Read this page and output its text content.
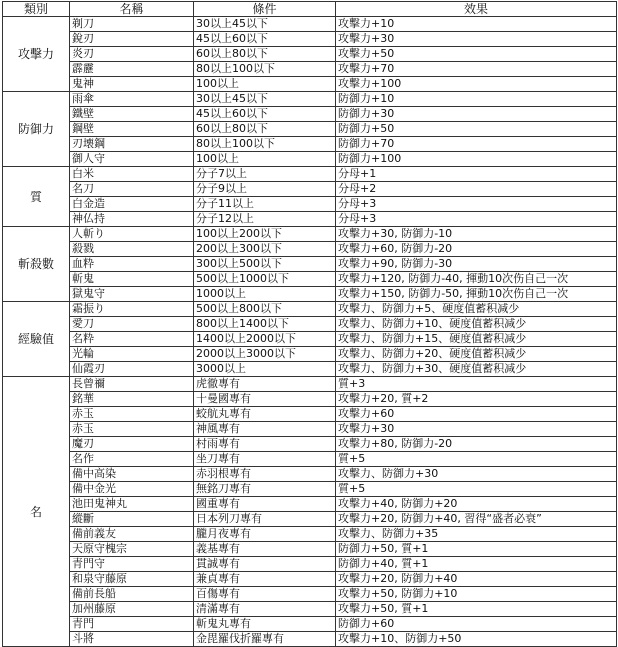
類別	名稱	條件	效果
攻擊力	剃刀	30以上45以下	攻擊力+10
	銳刃	45以上60以下	攻擊力+30
	炎刃	60以上80以下	攻擊力+50
	霹靂	80以上100以下	攻擊力+70
	鬼神	100以上	攻擊力+100
防御力	雨傘	30以上45以下	防御力+10
	鐵壁	45以上60以下	防御力+30
	鋼壁	60以上80以下	防御力+50
	刃壊鋼	80以上100以下	防御力+70
	御人守	100以上	防御力+100
質	白米	分子7以上	分母+1
	名刀	分子9以上	分母+2
	白金造	分子11以上	分母+3
	神仏持	分子12以上	分母+3
斬殺數	人斬り	100以上200以下	攻擊力+30, 防御力-10
	殺戮	200以上300以下	攻擊力+60, 防御力-20
	血粋	300以上500以下	攻擊力+90, 防御力-30
	斬鬼	500以上1000以下	攻擊力+120, 防御力-40, 揮動10次伤自己一次
	獄鬼守	1000以上	攻擊力+150, 防御力-50, 揮動10次伤自己一次
經驗值	霜振り	500以上800以下	攻擊力、防御力+5、硬度值蓄积减少
	愛刀	800以上1400以下	攻擊力、防御力+10、硬度值蓄积减少
	名粋	1400以上2000以下	攻擊力、防御力+15、硬度值蓄积减少
	光輪	2000以上3000以下	攻擊力、防御力+20、硬度值蓄积减少
	仙霞刃	3000以上	攻擊力、防御力+30、硬度值蓄积减少
名	長曾禰	虎徹專有	質+3
	銘華	十曼國專有	攻擊力+20, 質+2
	赤玉	蛟航丸專有	攻擊力+60
	赤玉	神風專有	攻擊力+30
	魔刃	村雨專有	攻擊力+80, 防御力-20
	名作	坐刀專有	質+5
	備中高染	赤羽根專有	攻擊力、防御力+30
	備中金光	無銘刀專有	質+5
	池田鬼神丸	國重專有	攻擊力+40, 防御力+20
	縱斷	日本列刀專有	攻擊力+20, 防御力+40, 習得“盛者必衰”
	備前義友	朧月夜專有	攻擊力、防御力+35
	天原守槐宗	義基專有	防御力+50, 質+1
	青門守	貫誠專有	防御力+40, 質+1
	和泉守藤原	兼貞專有	攻擊力+20, 防御力+40
	備前長船	百傷專有	攻擊力+50, 防御力+10
	加州藤原	清滿專有	攻擊力+50, 質+1
	青門	斬鬼丸專有	防御力+60
	斗將	金毘羅伐折羅專有	攻擊力+10、防御力+50
